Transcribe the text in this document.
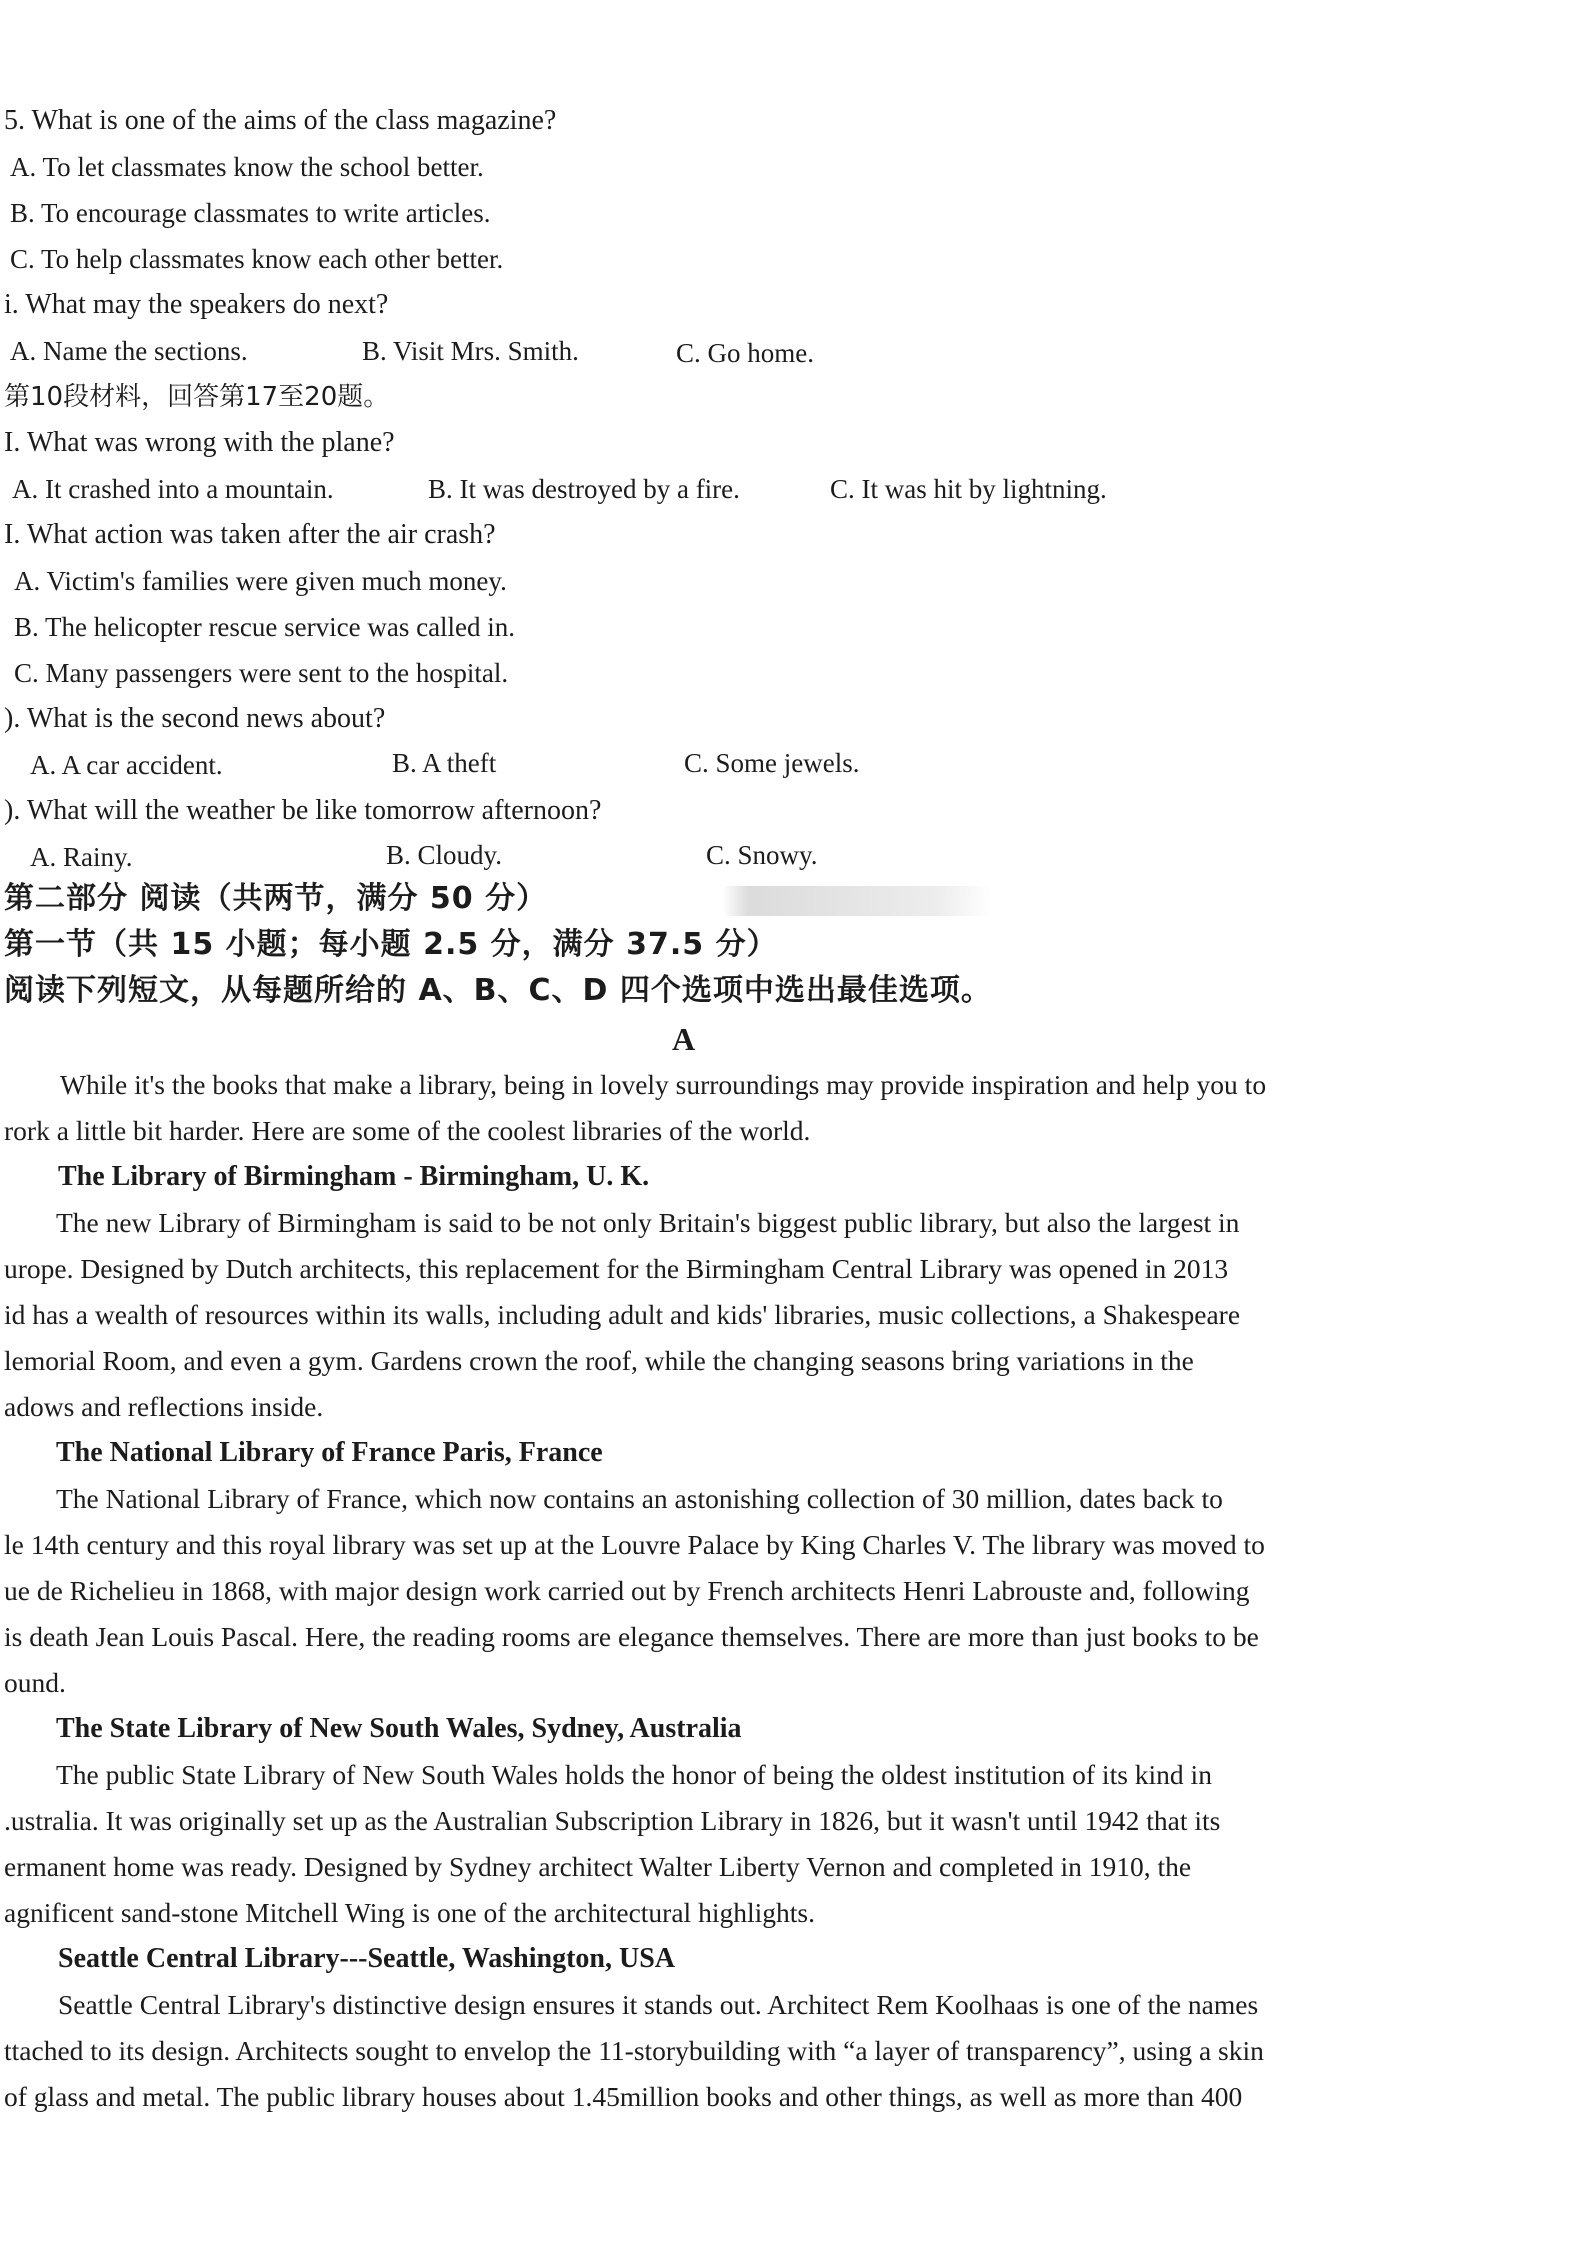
5. What is one of the aims of the class magazine?
A. To let classmates know the school better.
B. To encourage classmates to write articles.
C. To help classmates know each other better.
i. What may the speakers do next?
A. Name the sections.	B. Visit Mrs. Smith.	C. Go home.
第10段材料，回答第17至20题。
I. What was wrong with the plane?
A. It crashed into a mountain.	B. It was destroyed by a fire.	C. It was hit by lightning.
I. What action was taken after the air crash?
A. Victim's families were given much money.
B. The helicopter rescue service was called in.
C. Many passengers were sent to the hospital.
). What is the second news about?
A. A car accident.	B. A theft	C. Some jewels.
). What will the weather be like tomorrow afternoon?
A. Rainy.	B. Cloudy.	C. Snowy.
第二部分 阅读（共两节，满分 50 分）
第一节（共 15 小题；每小题 2.5 分，满分 37.5 分）
阅读下列短文，从每题所给的 A、B、C、D 四个选项中选出最佳选项。
A
While it's the books that make a library, being in lovely surroundings may provide inspiration and help you to
rork a little bit harder. Here are some of the coolest libraries of the world.
The Library of Birmingham - Birmingham, U. K.
The new Library of Birmingham is said to be not only Britain's biggest public library, but also the largest in
urope. Designed by Dutch architects, this replacement for the Birmingham Central Library was opened in 2013
id has a wealth of resources within its walls, including adult and kids' libraries, music collections, a Shakespeare
lemorial Room, and even a gym. Gardens crown the roof, while the changing seasons bring variations in the
adows and reflections inside.
The National Library of France Paris, France
The National Library of France, which now contains an astonishing collection of 30 million, dates back to
le 14th century and this royal library was set up at the Louvre Palace by King Charles V. The library was moved to
ue de Richelieu in 1868, with major design work carried out by French architects Henri Labrouste and, following
is death Jean Louis Pascal. Here, the reading rooms are elegance themselves. There are more than just books to be
ound.
The State Library of New South Wales, Sydney, Australia
The public State Library of New South Wales holds the honor of being the oldest institution of its kind in
.ustralia. It was originally set up as the Australian Subscription Library in 1826, but it wasn't until 1942 that its
ermanent home was ready. Designed by Sydney architect Walter Liberty Vernon and completed in 1910, the
agnificent sand-stone Mitchell Wing is one of the architectural highlights.
Seattle Central Library---Seattle, Washington, USA
Seattle Central Library's distinctive design ensures it stands out. Architect Rem Koolhaas is one of the names
ttached to its design. Architects sought to envelop the 11-storybuilding with “a layer of transparency”, using a skin
of glass and metal. The public library houses about 1.45million books and other things, as well as more than 400
